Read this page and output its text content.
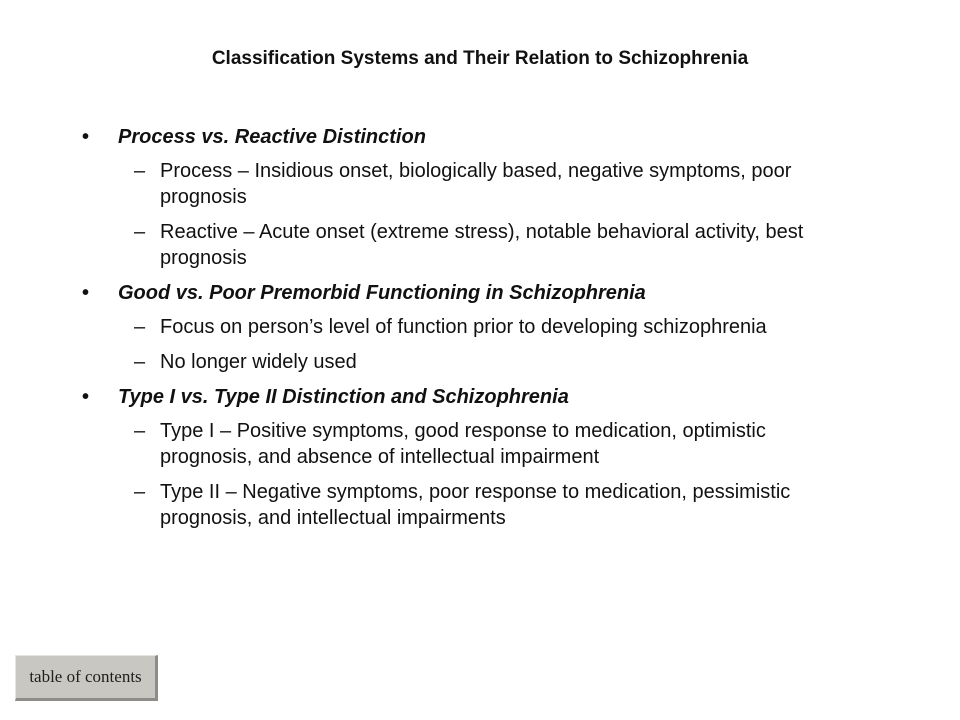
Classification Systems and Their Relation to Schizophrenia
• Process vs. Reactive Distinction
– Process – Insidious onset, biologically based, negative symptoms, poor prognosis
– Reactive – Acute onset (extreme stress), notable behavioral activity, best prognosis
• Good vs. Poor Premorbid Functioning in Schizophrenia
– Focus on person’s level of function prior to developing schizophrenia
– No longer widely used
• Type I vs. Type II Distinction and Schizophrenia
– Type I – Positive symptoms, good response to medication, optimistic prognosis, and absence of intellectual impairment
– Type II – Negative symptoms, poor response to medication, pessimistic prognosis, and intellectual impairments
table of contents
